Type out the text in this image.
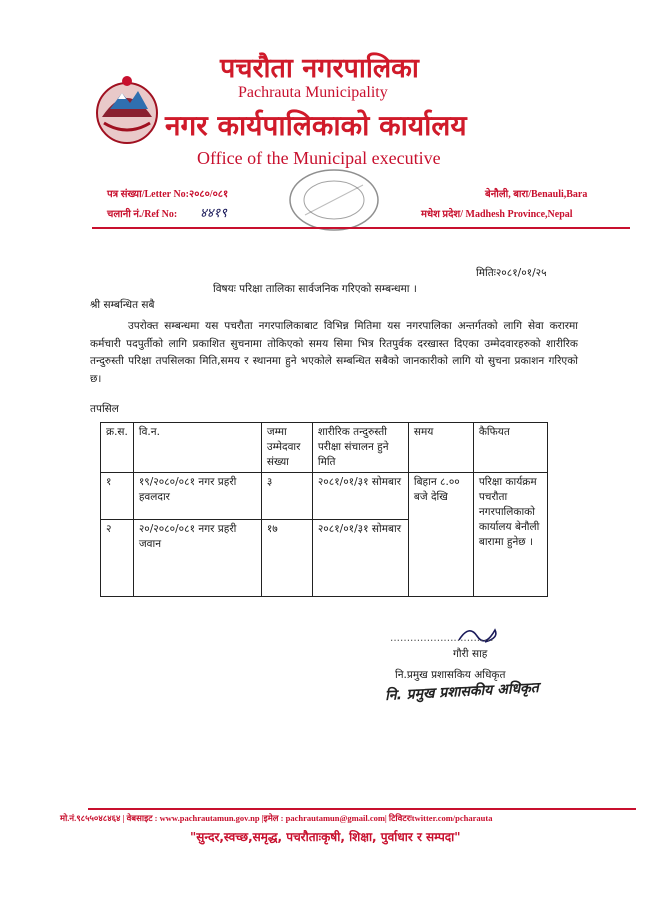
पचरौता नगरपालिका
Pachrauta Municipality
नगर कार्यपालिकाको कार्यालय
Office of the Municipal executive
पत्र संख्या/Letter No:२०८०/०८१
चलानी नं./Ref No: ४४१९
बेनौली, बारा/Benauli,Bara
मधेश प्रदेश/ Madhesh Province,Nepal
मितिः२०८१/०१/२५
विषयः परिक्षा तालिका सार्वजनिक गरिएको सम्बन्धमा ।
श्री सम्बन्धित सबै
उपरोक्त सम्बन्धमा यस पचरौता नगरपालिकाबाट विभिन्न मितिमा यस नगरपालिका अन्तर्गतको लागि सेवा करारमा कर्मचारी पदपुर्तीको लागि प्रकाशित सुचनामा तोकिएको समय सिमा भित्र रितपुर्वक दरखास्त दिएका उम्मेदवारहरुको शारीरिक तन्दुरुस्ती परिक्षा तपसिलका मिति,समय र स्थानमा हुने भएकोले सम्बन्धित सबैको जानकारीको लागि यो सुचना प्रकाशन गरिएको छ।
तपसिल
क्र.स.	वि.न.	जम्मा उम्मेदवार संख्या	शारीरिक तन्दुरुस्ती परीक्षा संचालन हुने मिति	समय	कैफियत
१	१९/२०८०/०८१ नगर प्रहरी हवलदार	३	२०८१/०१/३१ सोमबार	बिहान ८.०० बजे देखि	परिक्षा कार्यक्रम पचरौता नगरपालिकाको कार्यालय बेनौली बारामा हुनेछ ।
२	२०/२०८०/०८१ नगर प्रहरी जवान	१७	२०८१/०१/३१ सोमबार		
...............................
गौरी साह
नि.प्रमुख प्रशासकिय अधिकृत
नि. प्रमुख प्रशासकीय अधिकृत
मो.नं.९८५५०४८४६४ | वेबसाइट : www.pachrautamun.gov.np |इमेल : pachrautamun@gmail.com| टिविटरःtwitter.com/pcharauta
"सुन्दर,स्वच्छ,समृद्ध, पचरौताःकृषी, शिक्षा, पुर्वाधार र सम्पदा"
